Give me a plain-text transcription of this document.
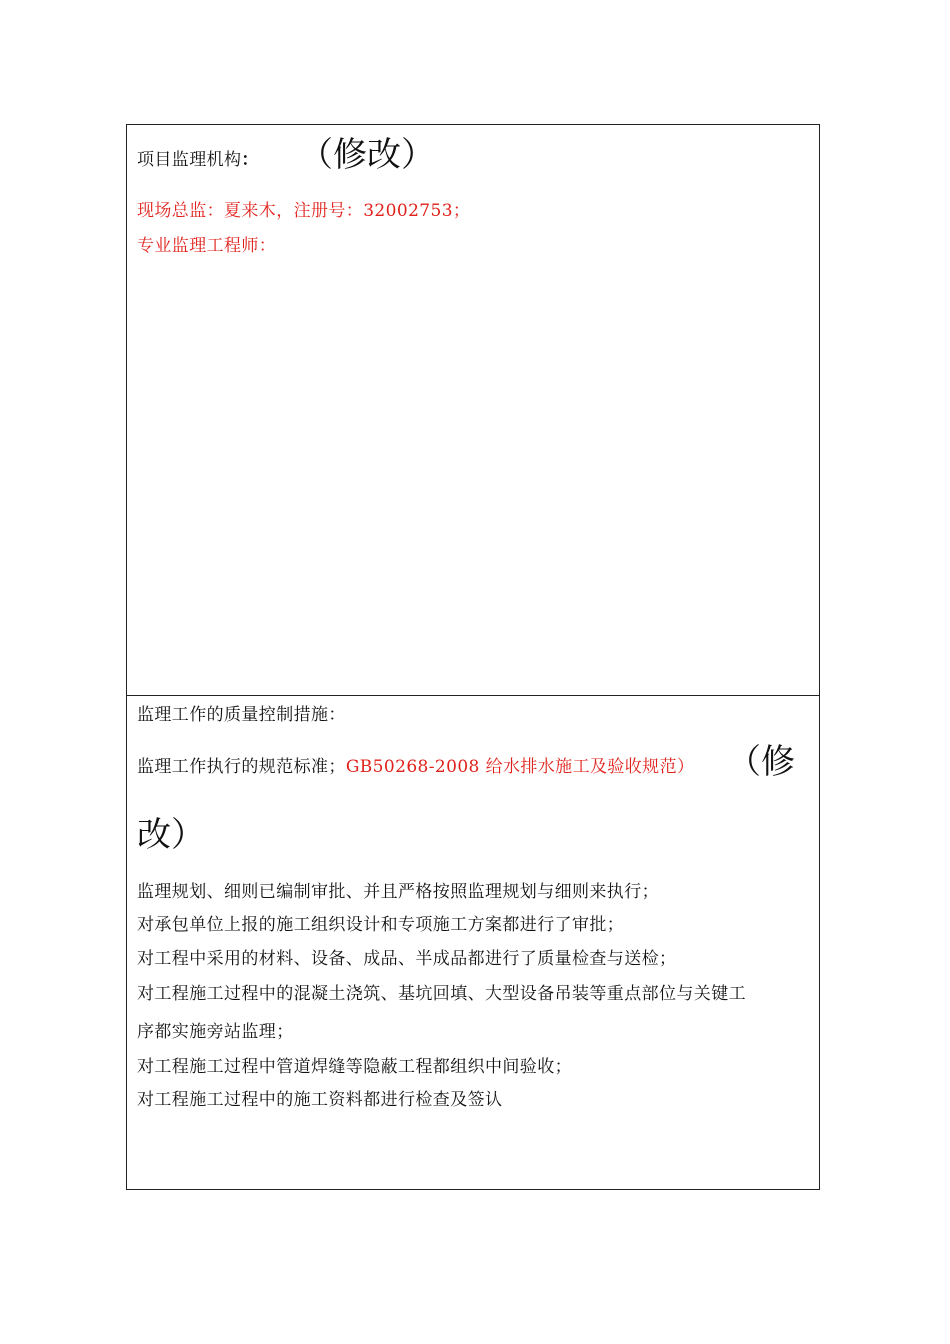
项目监理机构： （修改）
现场总监：夏来木，注册号：32002753；
专业监理工程师：
监理工作的质量控制措施：
监理工作执行的规范标准；GB50268-2008 给水排水施工及验收规范） （修
改）
监理规划、细则已编制审批、并且严格按照监理规划与细则来执行；
对承包单位上报的施工组织设计和专项施工方案都进行了审批；
对工程中采用的材料、设备、成品、半成品都进行了质量检查与送检；
对工程施工过程中的混凝土浇筑、基坑回填、大型设备吊装等重点部位与关键工
序都实施旁站监理；
对工程施工过程中管道焊缝等隐蔽工程都组织中间验收；
对工程施工过程中的施工资料都进行检查及签认
